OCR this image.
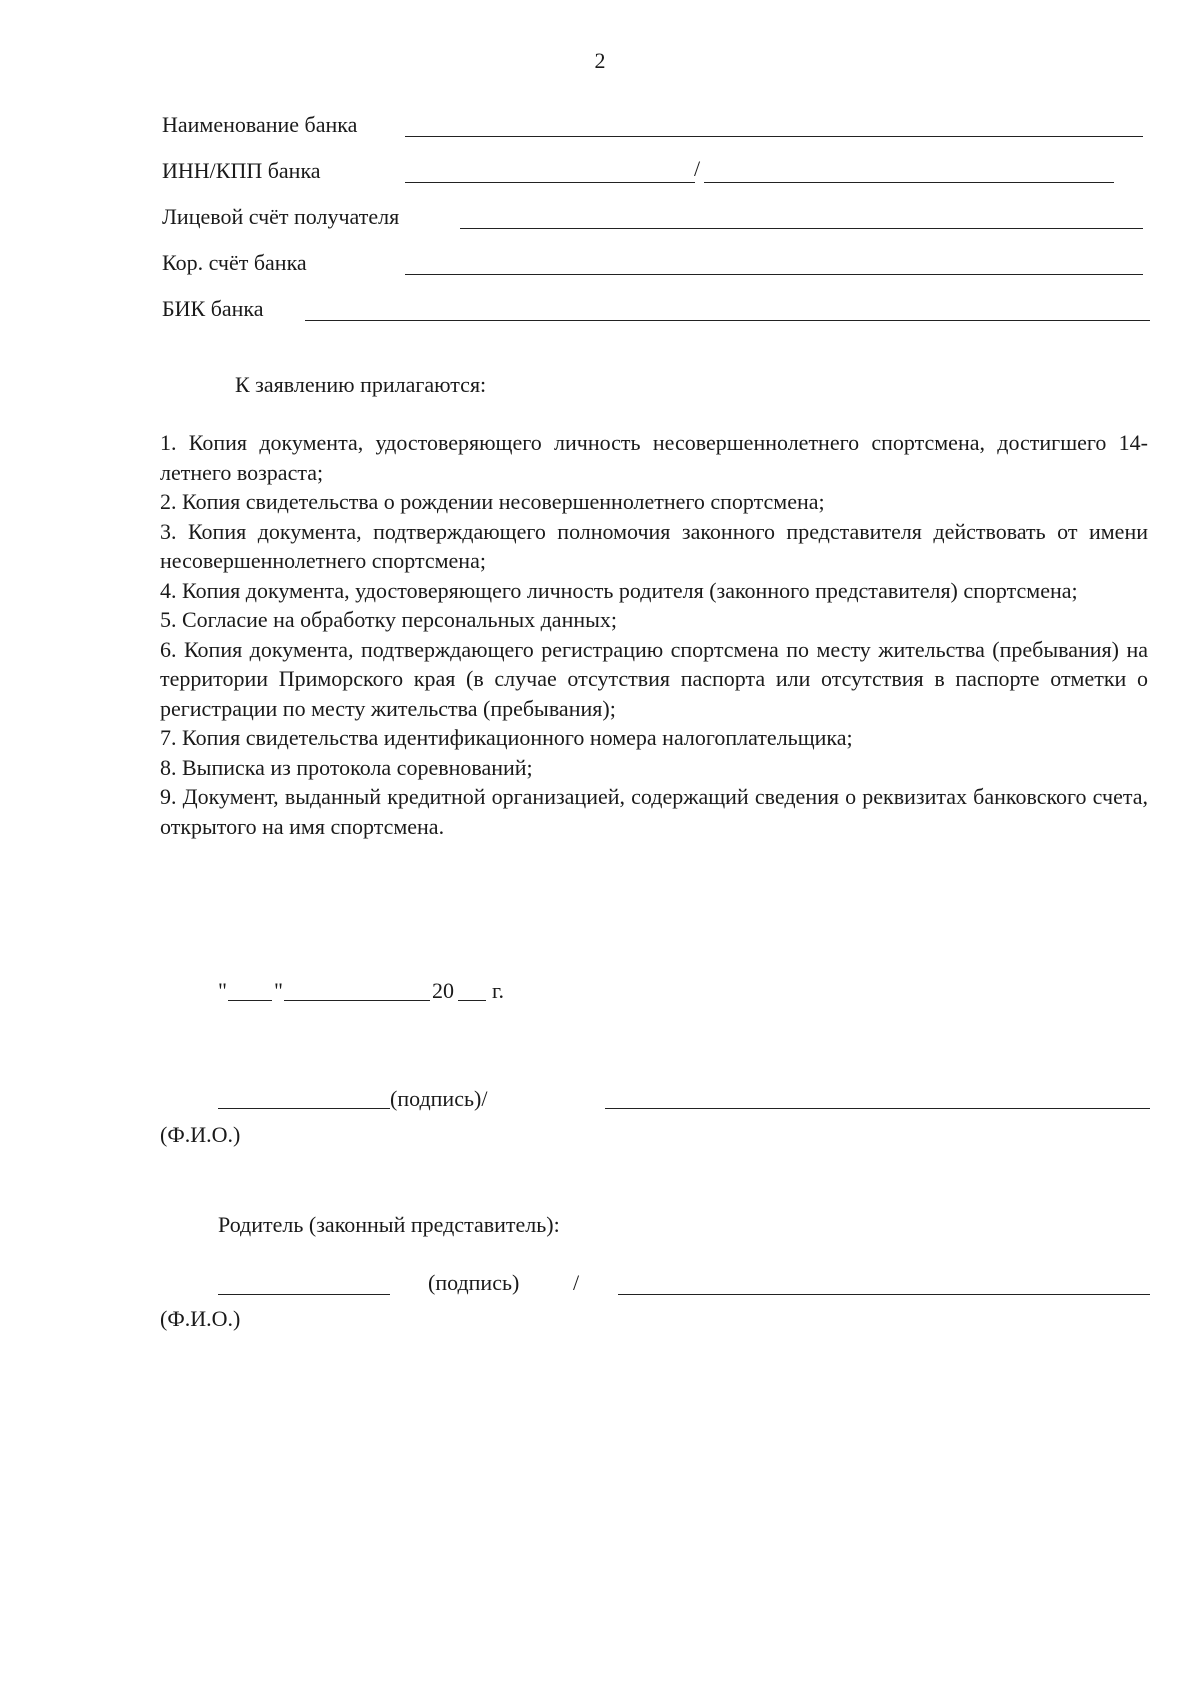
2
Наименование банка
ИНН/КПП банка	/
Лицевой счёт получателя
Кор. счёт банка
БИК банка
К заявлению прилагаются:
1. Копия документа, удостоверяющего личность несовершеннолетнего спортсмена, достигшего 14-летнего возраста;
2. Копия свидетельства о рождении несовершеннолетнего спортсмена;
3. Копия документа, подтверждающего полномочия законного представителя действовать от имени несовершеннолетнего спортсмена;
4. Копия документа, удостоверяющего личность родителя (законного представителя) спортсмена;
5. Согласие на обработку персональных данных;
6. Копия документа, подтверждающего регистрацию спортсмена по месту жительства (пребывания) на территории Приморского края (в случае отсутствия паспорта или отсутствия в паспорте отметки о регистрации по месту жительства (пребывания);
7. Копия свидетельства идентификационного номера налогоплательщика;
8. Выписка из протокола соревнований;
9. Документ, выданный кредитной организацией, содержащий сведения о реквизитах банковского счета, открытого на имя спортсмена.
" "	20 г.
(подпись)/
(Ф.И.О.)
Родитель (законный представитель):
(подпись) /
(Ф.И.О.)
